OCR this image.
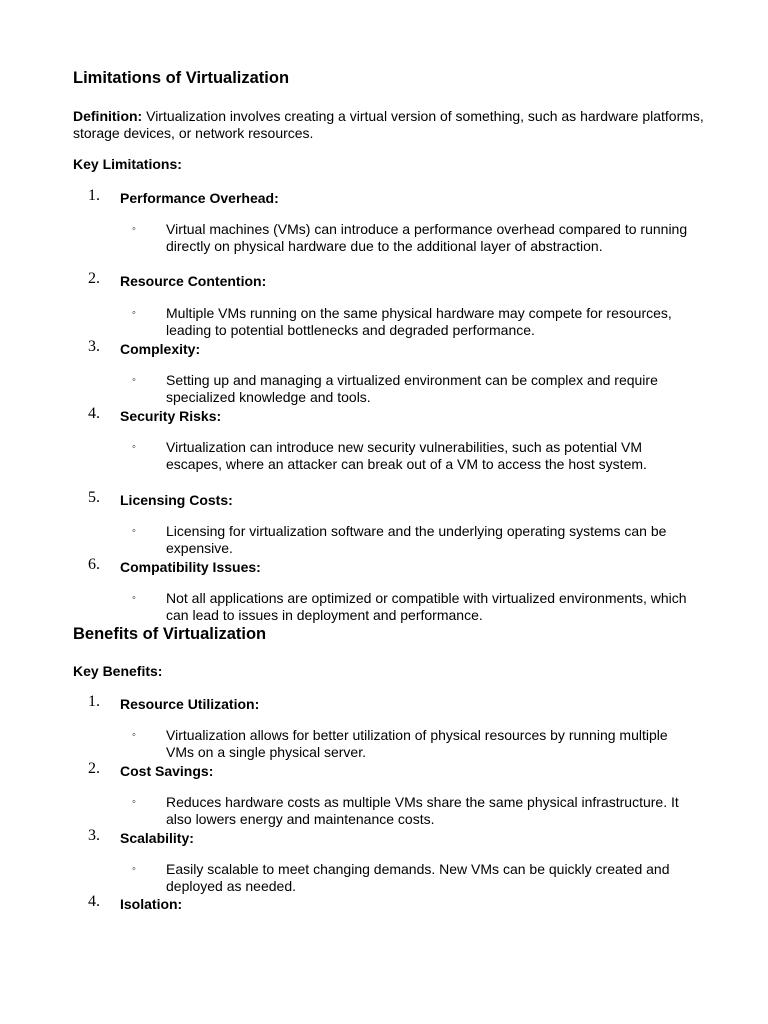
Limitations of Virtualization

Definition: Virtualization involves creating a virtual version of something, such as hardware platforms, storage devices, or network resources.

Key Limitations:
1. Performance Overhead:
◦ Virtual machines (VMs) can introduce a performance overhead compared to running directly on physical hardware due to the additional layer of abstraction.
2. Resource Contention:
◦ Multiple VMs running on the same physical hardware may compete for resources, leading to potential bottlenecks and degraded performance.
3. Complexity:
◦ Setting up and managing a virtualized environment can be complex and require specialized knowledge and tools.
4. Security Risks:
◦ Virtualization can introduce new security vulnerabilities, such as potential VM escapes, where an attacker can break out of a VM to access the host system.
5. Licensing Costs:
◦ Licensing for virtualization software and the underlying operating systems can be expensive.
6. Compatibility Issues:
◦ Not all applications are optimized or compatible with virtualized environments, which can lead to issues in deployment and performance.
Benefits of Virtualization
Key Benefits:
1. Resource Utilization:
◦ Virtualization allows for better utilization of physical resources by running multiple VMs on a single physical server.
2. Cost Savings:
◦ Reduces hardware costs as multiple VMs share the same physical infrastructure. It also lowers energy and maintenance costs.
3. Scalability:
◦ Easily scalable to meet changing demands. New VMs can be quickly created and deployed as needed.
4. Isolation:
